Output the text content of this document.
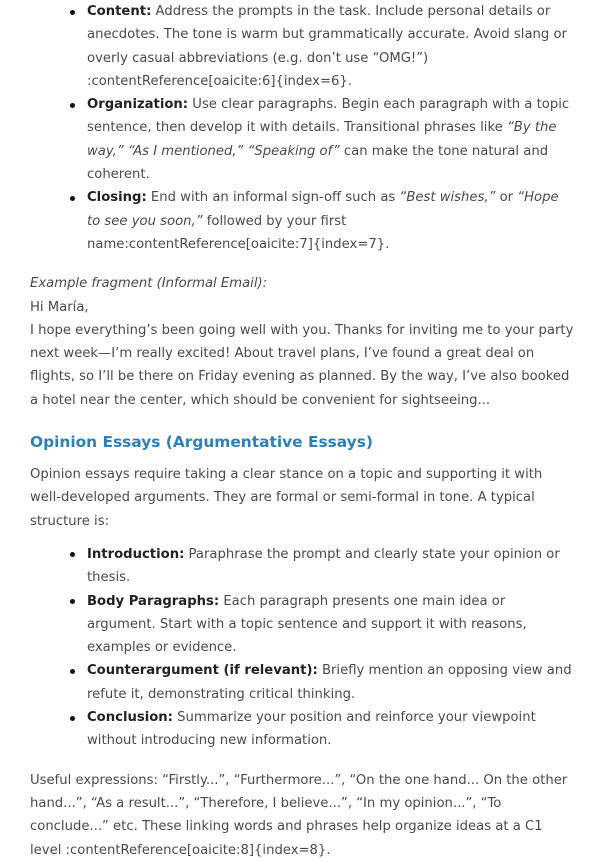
Content: Address the prompts in the task. Include personal details or anecdotes. The tone is warm but grammatically accurate. Avoid slang or overly casual abbreviations (e.g. don’t use “OMG!”) :contentReference[oaicite:6]{index=6}.
Organization: Use clear paragraphs. Begin each paragraph with a topic sentence, then develop it with details. Transitional phrases like “By the way,” “As I mentioned,” “Speaking of” can make the tone natural and coherent.
Closing: End with an informal sign-off such as “Best wishes,” or “Hope to see you soon,” followed by your first name:contentReference[oaicite:7]{index=7}.
Example fragment (Informal Email):
Hi María,
I hope everything’s been going well with you. Thanks for inviting me to your party next week—I’m really excited! About travel plans, I’ve found a great deal on flights, so I’ll be there on Friday evening as planned. By the way, I’ve also booked a hotel near the center, which should be convenient for sightseeing...
Opinion Essays (Argumentative Essays)
Opinion essays require taking a clear stance on a topic and supporting it with well-developed arguments. They are formal or semi-formal in tone. A typical structure is:
Introduction: Paraphrase the prompt and clearly state your opinion or thesis.
Body Paragraphs: Each paragraph presents one main idea or argument. Start with a topic sentence and support it with reasons, examples or evidence.
Counterargument (if relevant): Briefly mention an opposing view and refute it, demonstrating critical thinking.
Conclusion: Summarize your position and reinforce your viewpoint without introducing new information.
Useful expressions: “Firstly...”, “Furthermore...”, “On the one hand... On the other hand...”, “As a result...”, “Therefore, I believe...”, “In my opinion...”, “To conclude...” etc. These linking words and phrases help organize ideas at a C1 level :contentReference[oaicite:8]{index=8}.
